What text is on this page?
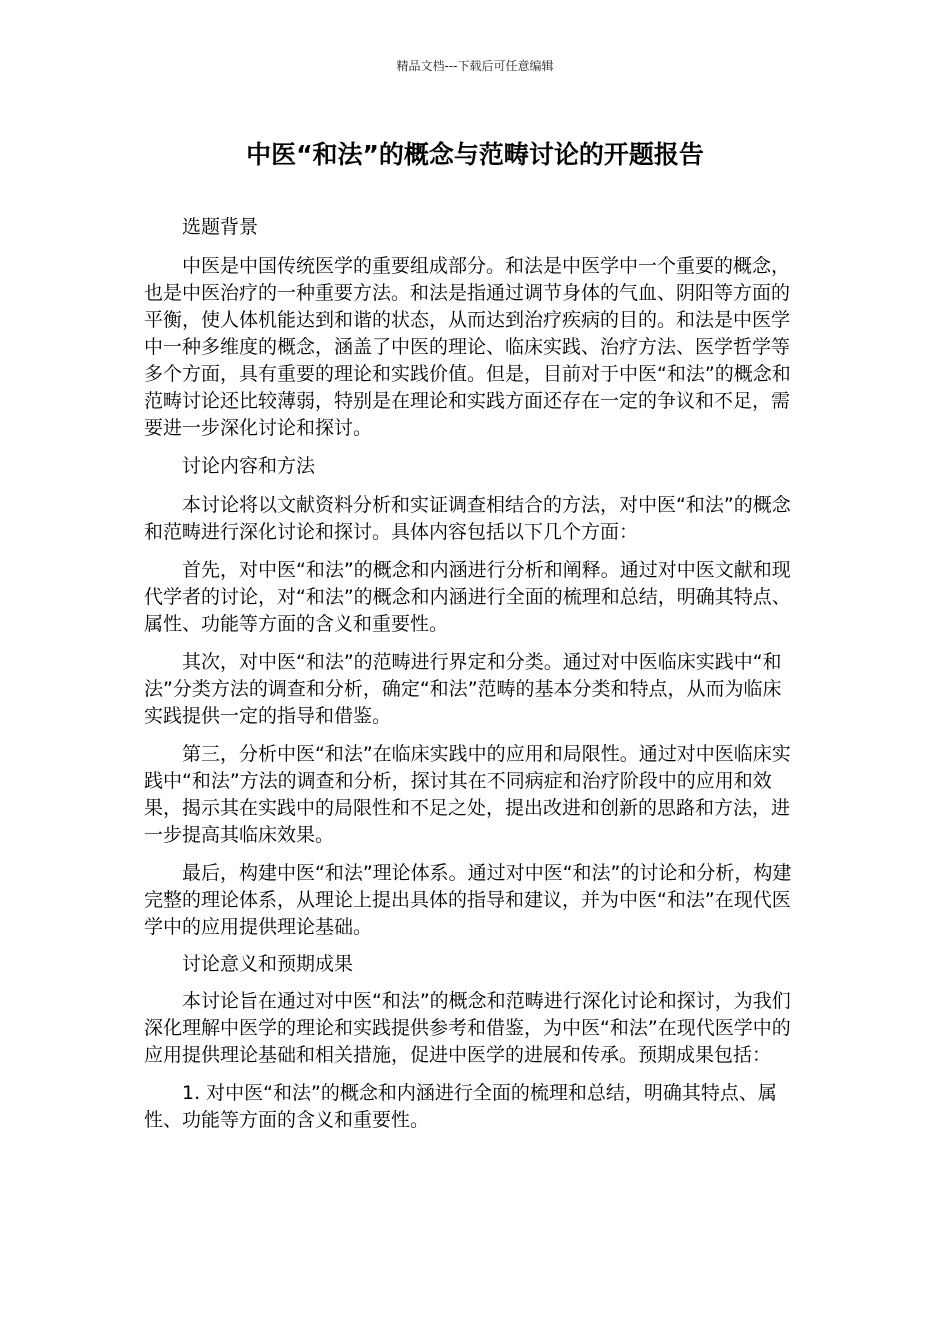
精品文档---下载后可任意编辑
中医“和法”的概念与范畴讨论的开题报告

选题背景

中医是中国传统医学的重要组成部分。和法是中医学中一个重要的概念，也是中医治疗的一种重要方法。和法是指通过调节身体的气血、阴阳等方面的平衡，使人体机能达到和谐的状态，从而达到治疗疾病的目的。和法是中医学中一种多维度的概念，涵盖了中医的理论、临床实践、治疗方法、医学哲学等多个方面，具有重要的理论和实践价值。但是，目前对于中医“和法”的概念和范畴讨论还比较薄弱，特别是在理论和实践方面还存在一定的争议和不足，需要进一步深化讨论和探讨。

讨论内容和方法

本讨论将以文献资料分析和实证调查相结合的方法，对中医“和法”的概念和范畴进行深化讨论和探讨。具体内容包括以下几个方面：

首先，对中医“和法”的概念和内涵进行分析和阐释。通过对中医文献和现代学者的讨论，对“和法”的概念和内涵进行全面的梳理和总结，明确其特点、属性、功能等方面的含义和重要性。

其次，对中医“和法”的范畴进行界定和分类。通过对中医临床实践中“和法”分类方法的调查和分析，确定“和法”范畴的基本分类和特点，从而为临床实践提供一定的指导和借鉴。

第三，分析中医“和法”在临床实践中的应用和局限性。通过对中医临床实践中“和法”方法的调查和分析，探讨其在不同病症和治疗阶段中的应用和效果，揭示其在实践中的局限性和不足之处，提出改进和创新的思路和方法，进一步提高其临床效果。

最后，构建中医“和法”理论体系。通过对中医“和法”的讨论和分析，构建完整的理论体系，从理论上提出具体的指导和建议，并为中医“和法”在现代医学中的应用提供理论基础。

讨论意义和预期成果

本讨论旨在通过对中医“和法”的概念和范畴进行深化讨论和探讨，为我们深化理解中医学的理论和实践提供参考和借鉴，为中医“和法”在现代医学中的应用提供理论基础和相关措施，促进中医学的进展和传承。预期成果包括：

1. 对中医“和法”的概念和内涵进行全面的梳理和总结，明确其特点、属性、功能等方面的含义和重要性。
